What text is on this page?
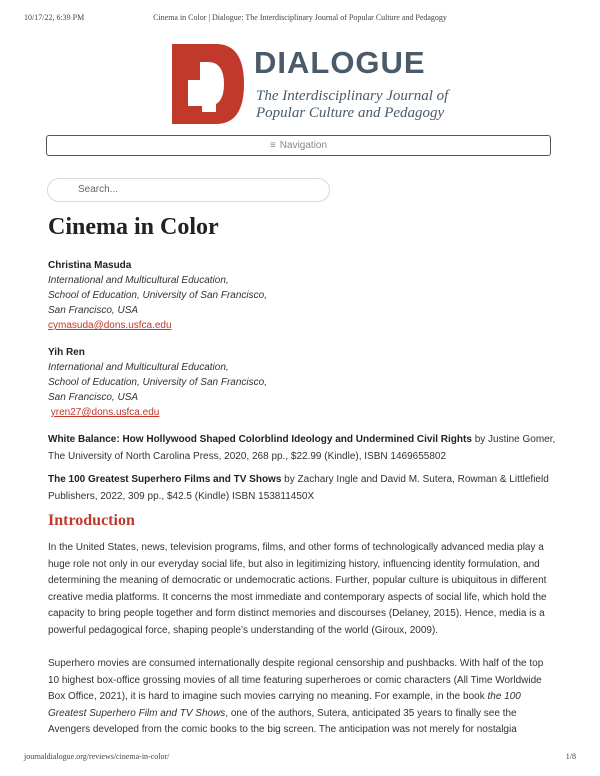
10/17/22, 6:39 PM	Cinema in Color | Dialogue: The Interdisciplinary Journal of Popular Culture and Pedagogy
DIALOGUE
The Interdisciplinary Journal of
Popular Culture and Pedagogy
≡ Navigation
Search...
Cinema in Color
Christina Masuda
International and Multicultural Education,
School of Education, University of San Francisco,
San Francisco, USA
cymasuda@dons.usfca.edu
Yih Ren
International and Multicultural Education,
School of Education, University of San Francisco,
San Francisco, USA
yren27@dons.usfca.edu
White Balance: How Hollywood Shaped Colorblind Ideology and Undermined Civil Rights by Justine Gomer, The University of North Carolina Press, 2020, 268 pp., $22.99 (Kindle), ISBN 1469655802
The 100 Greatest Superhero Films and TV Shows by Zachary Ingle and David M. Sutera, Rowman & Littlefield Publishers, 2022, 309 pp., $42.5 (Kindle) ISBN 153811450X
Introduction

In the United States, news, television programs, films, and other forms of technologically advanced media play a huge role not only in our everyday social life, but also in legitimizing history, influencing identity formulation, and determining the meaning of democratic or undemocratic actions. Further, popular culture is ubiquitous in different creative media platforms. It concerns the most immediate and contemporary aspects of social life, which hold the capacity to bring people together and form distinct memories and discourses (Delaney, 2015). Hence, media is a powerful pedagogical force, shaping people’s understanding of the world (Giroux, 2009).

Superhero movies are consumed internationally despite regional censorship and pushbacks. With half of the top 10 highest box-office grossing movies of all time featuring superheroes or comic characters (All Time Worldwide Box Office, 2021), it is hard to imagine such movies carrying no meaning. For example, in the book the 100 Greatest Superhero Film and TV Shows, one of the authors, Sutera, anticipated 35 years to finally see the Avengers developed from the comic books to the big screen. The anticipation was not merely for nostalgia

journaldialogue.org/reviews/cinema-in-color/	1/8
